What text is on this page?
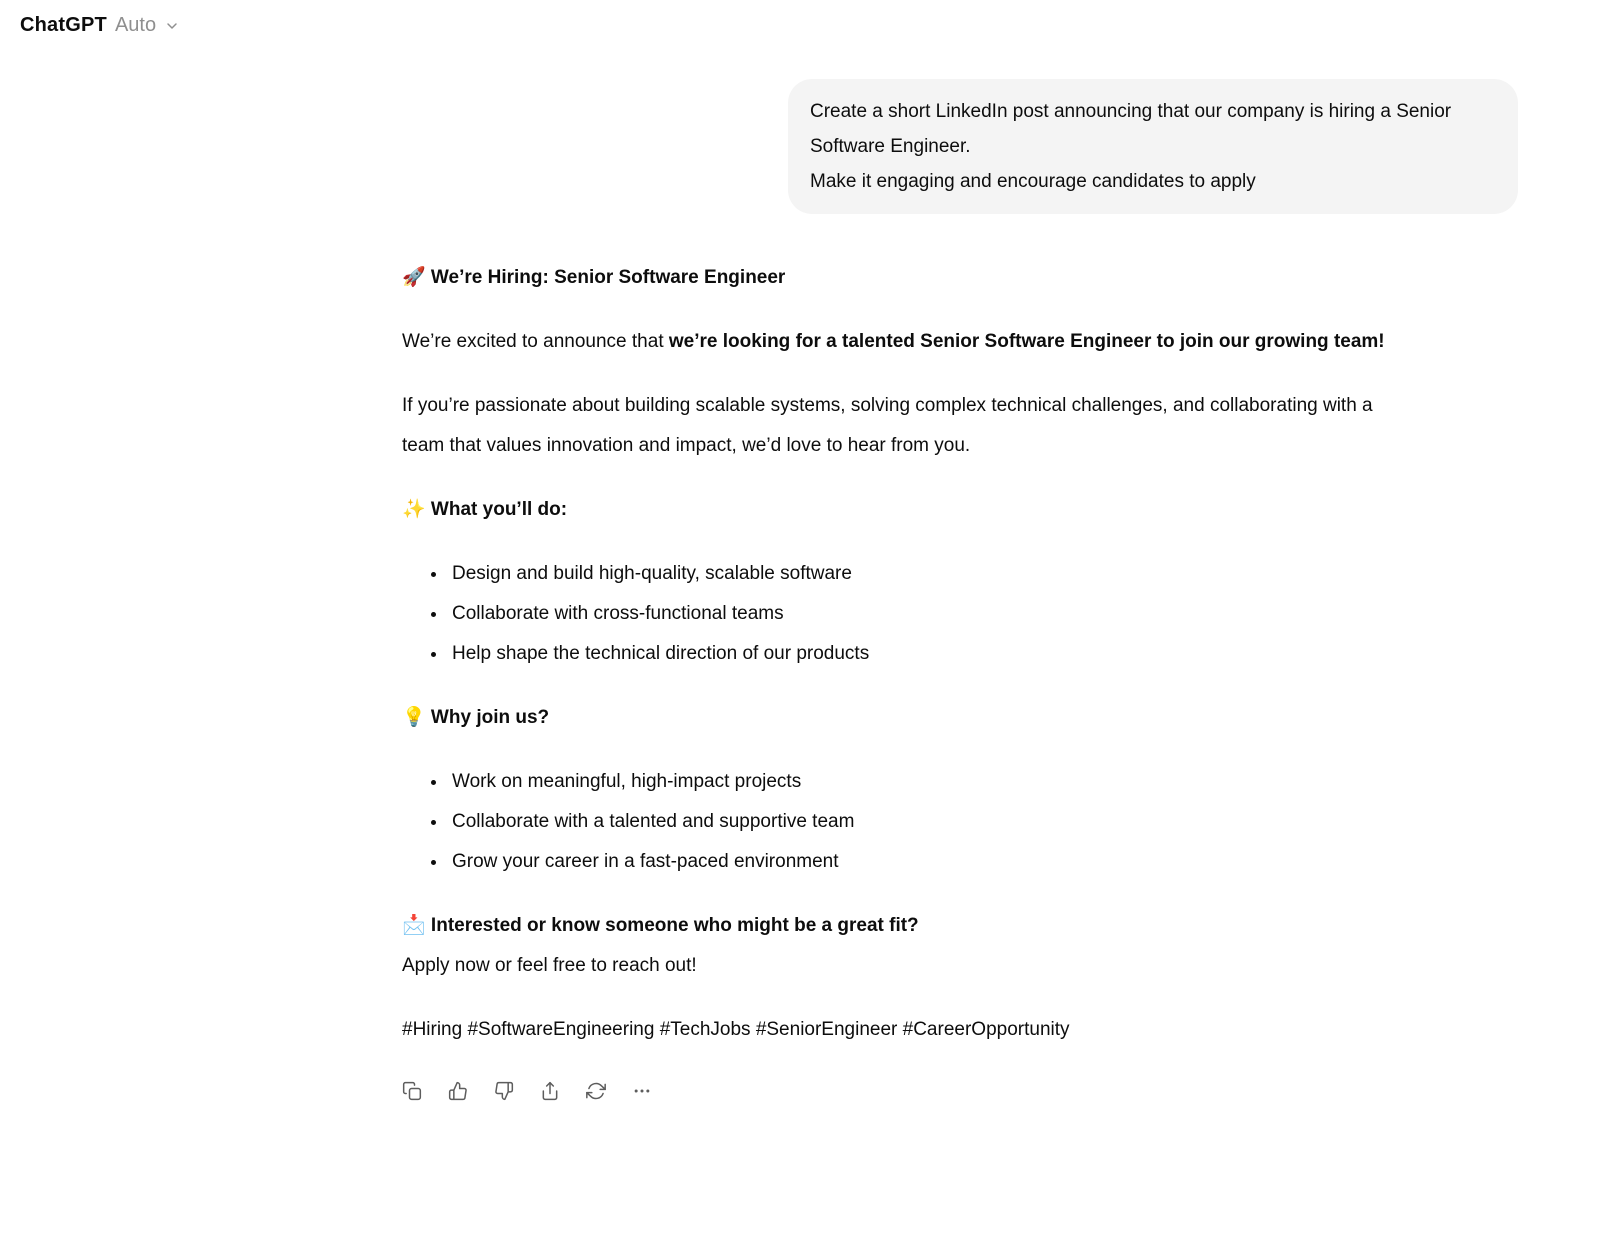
ChatGPT Auto
Create a short LinkedIn post announcing that our company is hiring a Senior Software Engineer.
Make it engaging and encourage candidates to apply
🚀 We’re Hiring: Senior Software Engineer

We’re excited to announce that we’re looking for a talented Senior Software Engineer to join our growing team!

If you’re passionate about building scalable systems, solving complex technical challenges, and collaborating with a team that values innovation and impact, we’d love to hear from you.

✨ What you’ll do:
• Design and build high-quality, scalable software
• Collaborate with cross-functional teams
• Help shape the technical direction of our products
💡 Why join us?
• Work on meaningful, high-impact projects
• Collaborate with a talented and supportive team
• Grow your career in a fast-paced environment
📩 Interested or know someone who might be a great fit?

Apply now or feel free to reach out!

#Hiring #SoftwareEngineering #TechJobs #SeniorEngineer #CareerOpportunity
